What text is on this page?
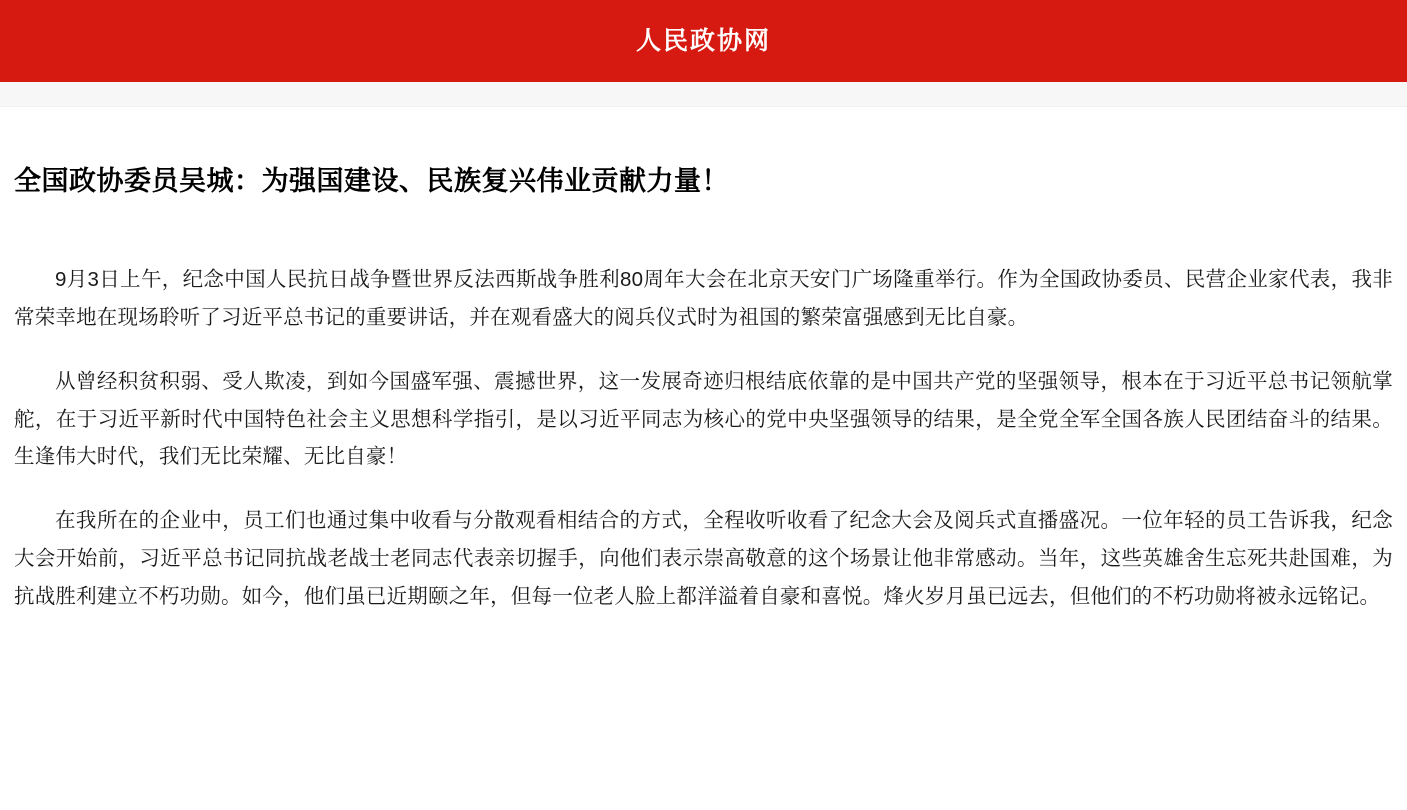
人民政协网
全国政协委员吴城：为强国建设、民族复兴伟业贡献力量！

9月3日上午，纪念中国人民抗日战争暨世界反法西斯战争胜利80周年大会在北京天安门广场隆重举行。作为全国政协委员、民营企业家代表，我非常荣幸地在现场聆听了习近平总书记的重要讲话，并在观看盛大的阅兵仪式时为祖国的繁荣富强感到无比自豪。

从曾经积贫积弱、受人欺凌，到如今国盛军强、震撼世界，这一发展奇迹归根结底依靠的是中国共产党的坚强领导，根本在于习近平总书记领航掌舵，在于习近平新时代中国特色社会主义思想科学指引，是以习近平同志为核心的党中央坚强领导的结果，是全党全军全国各族人民团结奋斗的结果。生逢伟大时代，我们无比荣耀、无比自豪！

在我所在的企业中，员工们也通过集中收看与分散观看相结合的方式，全程收听收看了纪念大会及阅兵式直播盛况。一位年轻的员工告诉我，纪念大会开始前，习近平总书记同抗战老战士老同志代表亲切握手，向他们表示崇高敬意的这个场景让他非常感动。当年，这些英雄舍生忘死共赴国难，为抗战胜利建立不朽功勋。如今，他们虽已近期颐之年，但每一位老人脸上都洋溢着自豪和喜悦。烽火岁月虽已远去，但他们的不朽功勋将被永远铭记。
